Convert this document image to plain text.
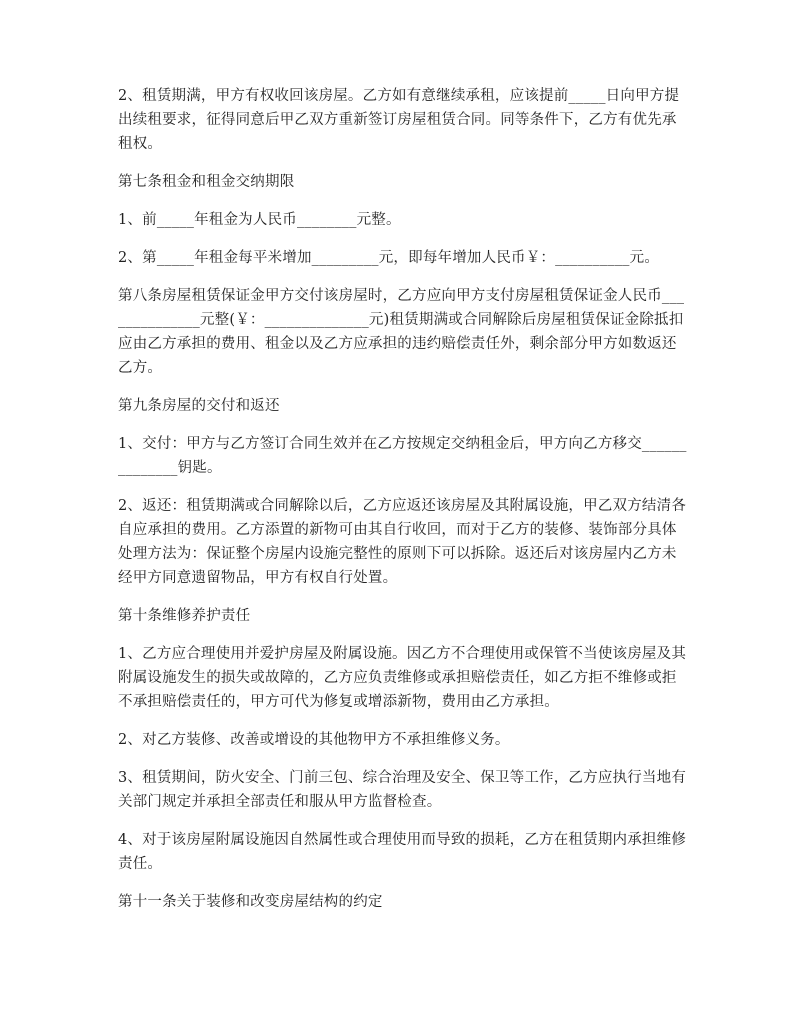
2、租赁期满，甲方有权收回该房屋。乙方如有意继续承租，应该提前_____日向甲方提出续租要求，征得同意后甲乙双方重新签订房屋租赁合同。同等条件下，乙方有优先承租权。

第七条租金和租金交纳期限

1、前_____年租金为人民币________元整。

2、第_____年租金每平米增加_________元，即每年增加人民币￥：__________元。

第八条房屋租赁保证金甲方交付该房屋时，乙方应向甲方支付房屋租赁保证金人民币______________元整(￥：______________元)租赁期满或合同解除后房屋租赁保证金除抵扣应由乙方承担的费用、租金以及乙方应承担的违约赔偿责任外，剩余部分甲方如数返还乙方。

第九条房屋的交付和返还

1、交付：甲方与乙方签订合同生效并在乙方按规定交纳租金后，甲方向乙方移交______________钥匙。

2、返还：租赁期满或合同解除以后，乙方应返还该房屋及其附属设施，甲乙双方结清各自应承担的费用。乙方添置的新物可由其自行收回，而对于乙方的装修、装饰部分具体处理方法为：保证整个房屋内设施完整性的原则下可以拆除。返还后对该房屋内乙方未经甲方同意遗留物品，甲方有权自行处置。

第十条维修养护责任

1、乙方应合理使用并爱护房屋及附属设施。因乙方不合理使用或保管不当使该房屋及其附属设施发生的损失或故障的，乙方应负责维修或承担赔偿责任，如乙方拒不维修或拒不承担赔偿责任的，甲方可代为修复或增添新物，费用由乙方承担。

2、对乙方装修、改善或增设的其他物甲方不承担维修义务。

3、租赁期间，防火安全、门前三包、综合治理及安全、保卫等工作，乙方应执行当地有关部门规定并承担全部责任和服从甲方监督检查。

4、对于该房屋附属设施因自然属性或合理使用而导致的损耗，乙方在租赁期内承担维修责任。

第十一条关于装修和改变房屋结构的约定
